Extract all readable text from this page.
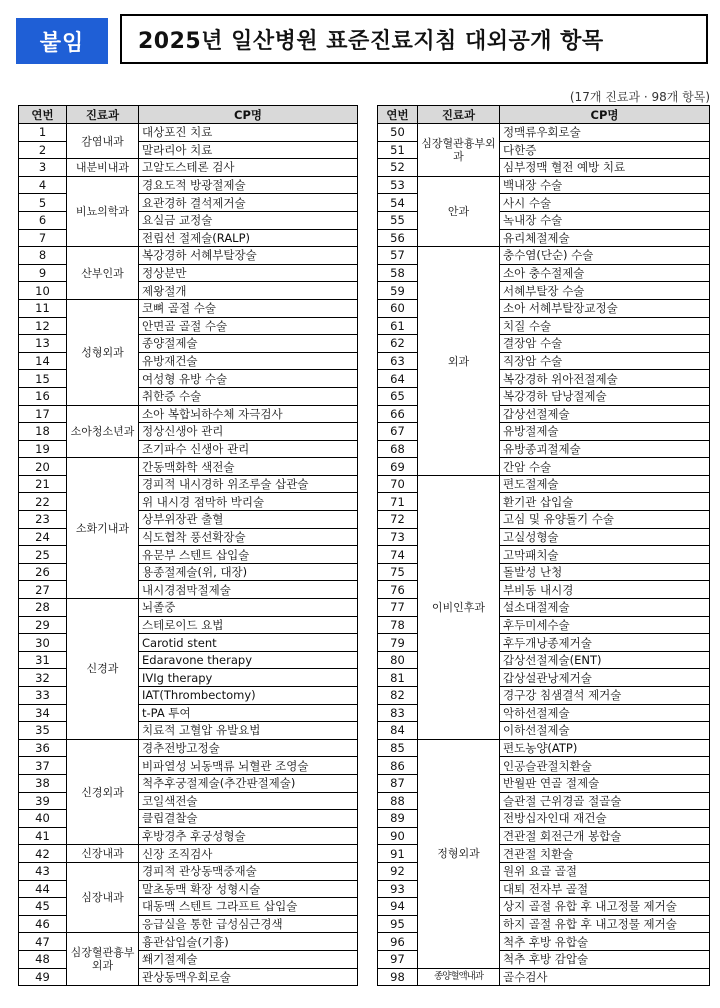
붙임	2025년 일산병원 표준진료지침 대외공개 항목
(17개 진료과 · 98개 항목)
연번	진료과	CP명
1	감염내과	대상포진 치료
2		말라리아 치료
3	내분비내과	고알도스테론 검사
4	비뇨의학과	경요도적 방광절제술
5		요관경하 결석제거술
6		요실금 교정술
7		전립선 절제술(RALP)
8	산부인과	복강경하 서혜부탈장술
9		정상분만
10		제왕절개
11	성형외과	코뼈 골절 수술
12		안면골 골절 수술
13		종양절제술
14		유방재건술
15		여성형 유방 수술
16		취한증 수술
17	소아청소년과	소아 복합뇌하수체 자극검사
18		정상신생아 관리
19		조기파수 신생아 관리
20	소화기내과	간동맥화학 색전술
21		경피적 내시경하 위조루술 삽관술
22		위 내시경 점막하 박리술
23		상부위장관 출혈
24		식도협착 풍선확장술
25		유문부 스텐트 삽입술
26		용종절제술(위, 대장)
27		내시경점막절제술
28	신경과	뇌졸중
29		스테로이드 요법
30		Carotid stent
31		Edaravone therapy
32		IVIg therapy
33		IAT(Thrombectomy)
34		t-PA 투여
35		치료적 고혈압 유발요법
36	신경외과	경추전방고정술
37		비파열성 뇌동맥류 뇌혈관 조영술
38		척추후궁절제술(추간판절제술)
39		코일색전술
40		클립결찰술
41		후방경추 후궁성형술
42	신장내과	신장 조직검사
43	심장내과	경피적 관상동맥중재술
44		말초동맥 확장 성형시술
45		대동맥 스텐트 그라프트 삽입술
46		응급실을 통한 급성심근경색
47	심장혈관흉부외과	흉관삽입술(기흉)
48		쐐기절제술
49		관상동맥우회로술
연번	진료과	CP명
50	심장혈관흉부외과	정맥류우회로술
51		다한증
52		심부정맥 혈전 예방 치료
53	안과	백내장 수술
54		사시 수술
55		녹내장 수술
56		유리체절제술
57	외과	충수염(단순) 수술
58		소아 충수절제술
59		서혜부탈장 수술
60		소아 서혜부탈장교정술
61		치질 수술
62		결장암 수술
63		직장암 수술
64		복강경하 위아전절제술
65		복강경하 담낭절제술
66		갑상선절제술
67		유방절제술
68		유방종괴절제술
69		간암 수술
70	이비인후과	편도절제술
71		환기관 삽입술
72		고심 및 유양돌기 수술
73		고실성형술
74		고막패치술
75		돌발성 난청
76		부비동 내시경
77		설소대절제술
78		후두미세수술
79		후두개낭종제거술
80		갑상선절제술(ENT)
81		갑상설관낭제거술
82		경구강 침샘결석 제거술
83		악하선절제술
84		이하선절제술
85	정형외과	편도농양(ATP)
86		인공슬관절치환술
87		반월판 연골 절제술
88		슬관절 근위경골 절골술
89		전방십자인대 재건술
90		견관절 회전근개 봉합술
91		견관절 치환술
92		원위 요골 골절
93		대퇴 전자부 골절
94		상지 골절 유합 후 내고정물 제거술
95		하지 골절 유합 후 내고정물 제거술
96		척추 후방 유합술
97		척추 후방 감압술
98	종양혈액내과	골수검사
